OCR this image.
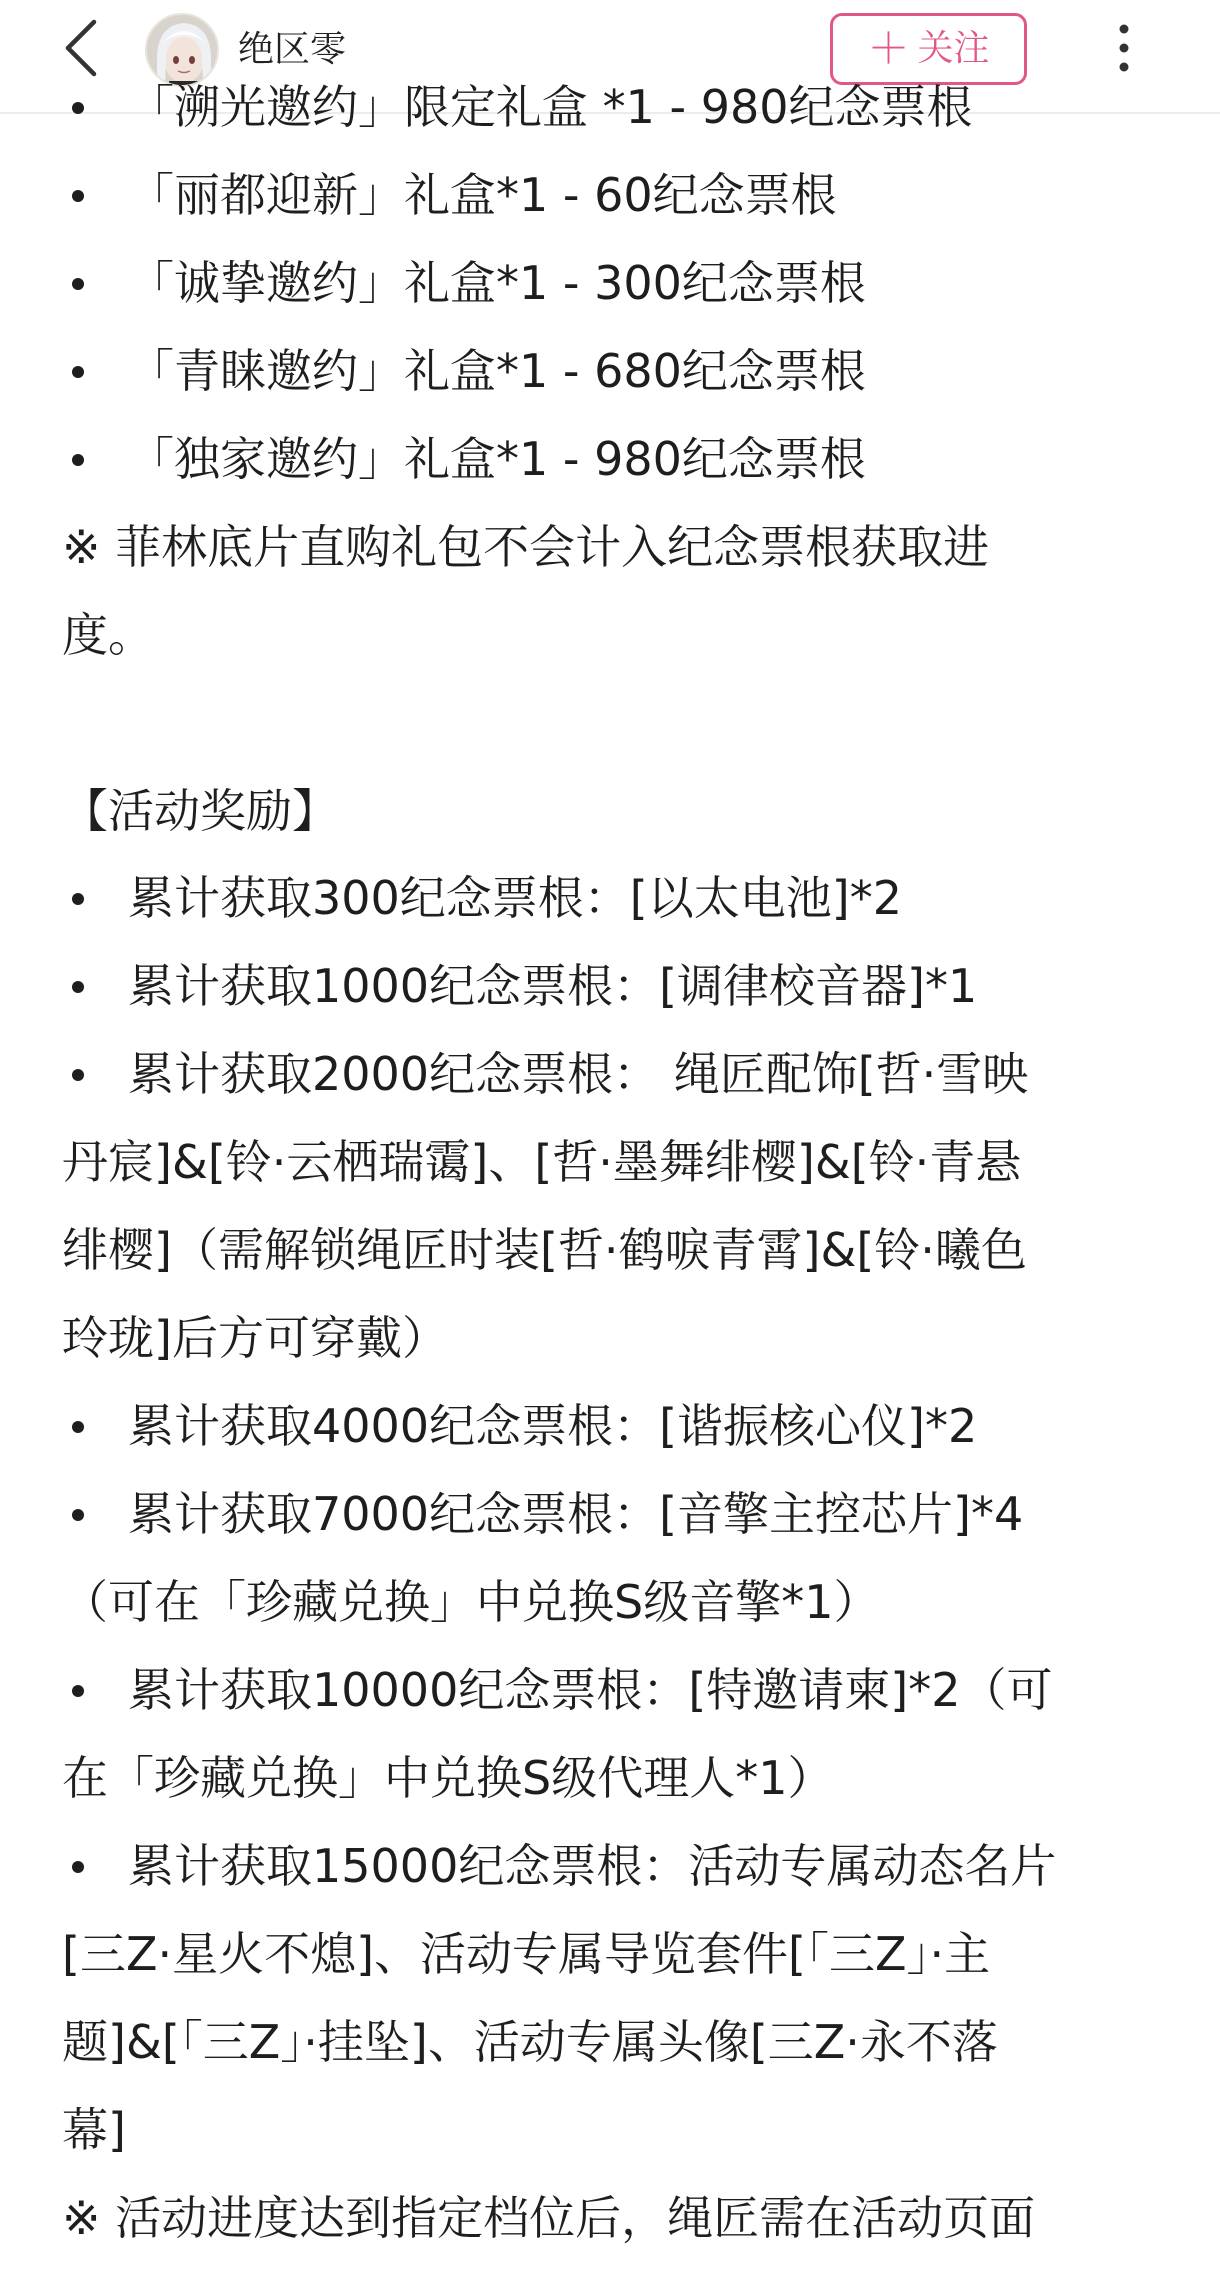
绝区零	＋ 关注
「溯光邀约」限定礼盒 *1 - 980纪念票根
「丽都迎新」礼盒*1 - 60纪念票根
「诚挚邀约」礼盒*1 - 300纪念票根
「青睐邀约」礼盒*1 - 680纪念票根
「独家邀约」礼盒*1 - 980纪念票根
※ 菲林底片直购礼包不会计入纪念票根获取进
度。
【活动奖励】
累计获取300纪念票根：[以太电池]*2
累计获取1000纪念票根：[调律校音器]*1
累计获取2000纪念票根： 绳匠配饰[哲·雪映
丹宸]&[铃·云栖瑞霭]、[哲·墨舞绯樱]&[铃·青悬
绯樱]（需解锁绳匠时装[哲·鹤唳青霄]&[铃·曦色
玲珑]后方可穿戴）
累计获取4000纪念票根：[谐振核心仪]*2
累计获取7000纪念票根：[音擎主控芯片]*4
（可在「珍藏兑换」中兑换S级音擎*1）
累计获取10000纪念票根：[特邀请柬]*2（可
在「珍藏兑换」中兑换S级代理人*1）
累计获取15000纪念票根：活动专属动态名片
[三Z·星火不熄]、活动专属导览套件[「三Z」·主
题]&[「三Z」·挂坠]、活动专属头像[三Z·永不落
幕]
※ 活动进度达到指定档位后，绳匠需在活动页面
